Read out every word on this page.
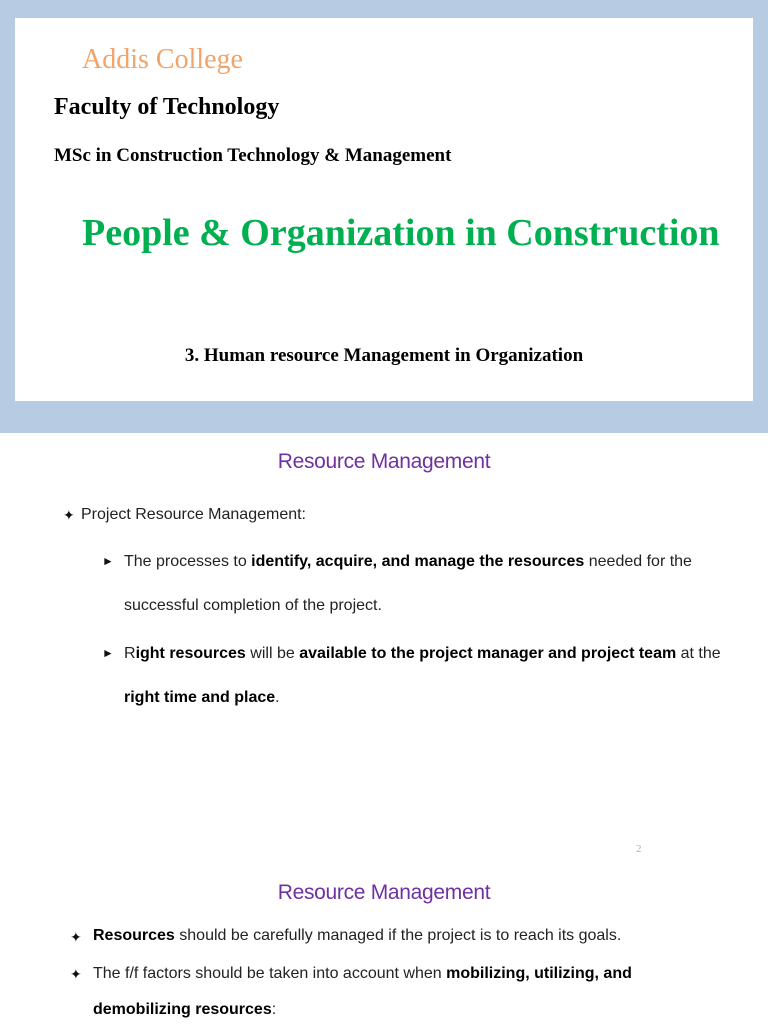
Addis College

Faculty of Technology

MSc in Construction Technology & Management

People & Organization in Construction

3. Human resource Management in Organization

Resource Management

✦ Project Resource Management:
► The processes to identify, acquire, and manage the resources needed for the successful completion of the project.
► Right resources will be available to the project manager and project team at the right time and place.
2

Resource Management

✦ Resources should be carefully managed if the project is to reach its goals.
✦ The f/f factors should be taken into account when mobilizing, utilizing, and demobilizing resources:
